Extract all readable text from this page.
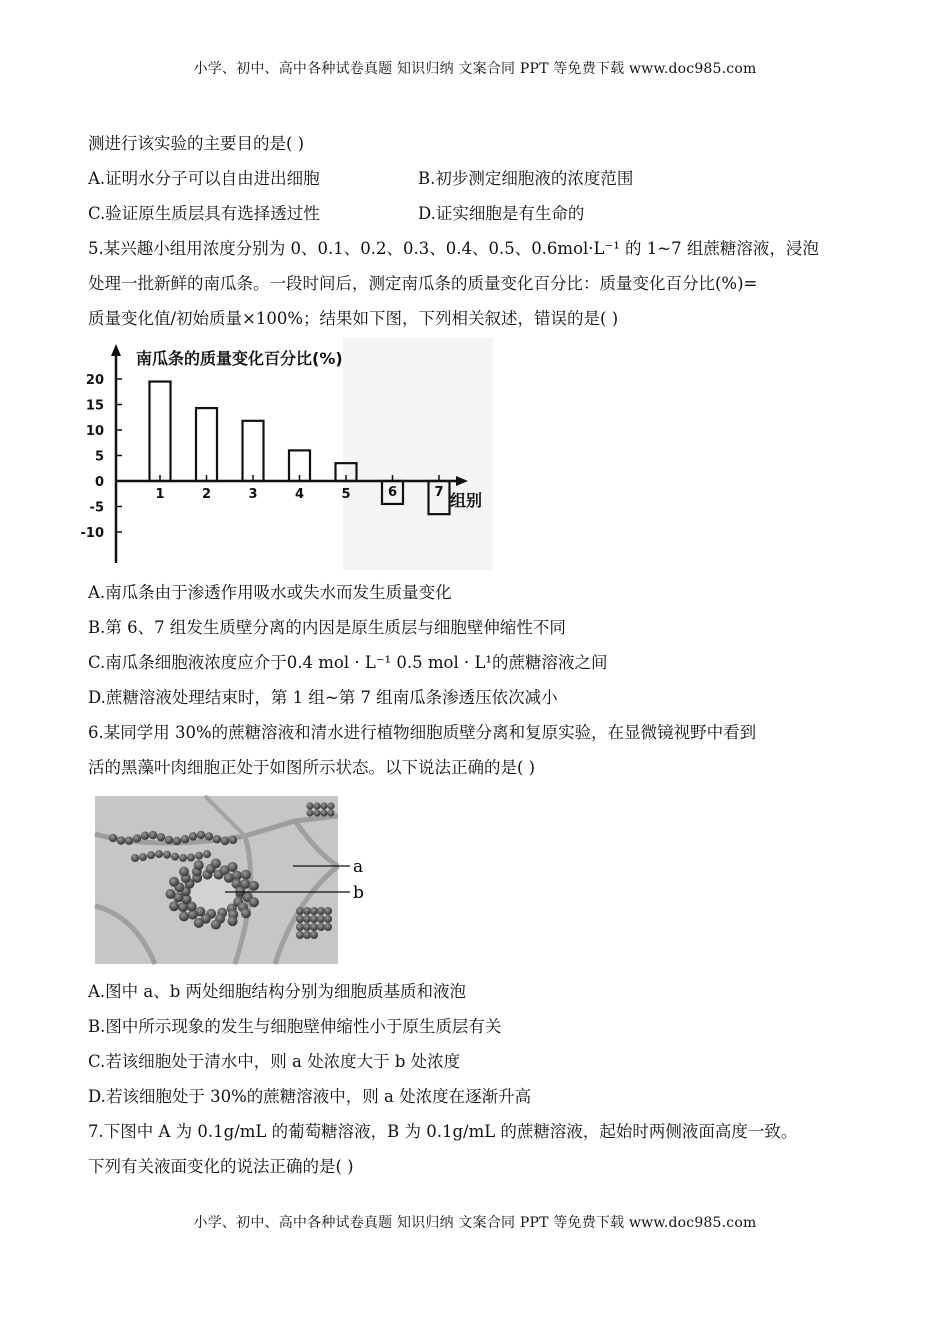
小学、初中、高中各种试卷真题 知识归纳 文案合同 PPT 等免费下载 www.doc985.com
测进行该实验的主要目的是( )
A.证明水分子可以自由进出细胞	B.初步测定细胞液的浓度范围
C.验证原生质层具有选择透过性	D.证实细胞是有生命的
5.某兴趣小组用浓度分别为 0、0.1、0.2、0.3、0.4、0.5、0.6mol·L⁻¹ 的 1~7 组蔗糖溶液，浸泡
处理一批新鲜的南瓜条。一段时间后，测定南瓜条的质量变化百分比：质量变化百分比(%)=
质量变化值/初始质量×100%；结果如下图，下列相关叙述，错误的是( )
20
15
10
5
0
-5
-10
南瓜条的质量变化百分比(%)
组别
1	2	3	4	5	6	7
A.南瓜条由于渗透作用吸水或失水而发生质量变化
B.第 6、7 组发生质壁分离的内因是原生质层与细胞壁伸缩性不同
C.南瓜条细胞液浓度应介于0.4 mol · L⁻¹ 0.5 mol · L¹的蔗糖溶液之间
D.蔗糖溶液处理结束时，第 1 组~第 7 组南瓜条渗透压依次减小
6.某同学用 30%的蔗糖溶液和清水进行植物细胞质壁分离和复原实验，在显微镜视野中看到
活的黑藻叶肉细胞正处于如图所示状态。以下说法正确的是( )
a
b
A.图中 a、b 两处细胞结构分别为细胞质基质和液泡
B.图中所示现象的发生与细胞壁伸缩性小于原生质层有关
C.若该细胞处于清水中，则 a 处浓度大于 b 处浓度
D.若该细胞处于 30%的蔗糖溶液中，则 a 处浓度在逐渐升高
7.下图中 A 为 0.1g/mL 的葡萄糖溶液，B 为 0.1g/mL 的蔗糖溶液，起始时两侧液面高度一致。
下列有关液面变化的说法正确的是( )
小学、初中、高中各种试卷真题 知识归纳 文案合同 PPT 等免费下载 www.doc985.com
